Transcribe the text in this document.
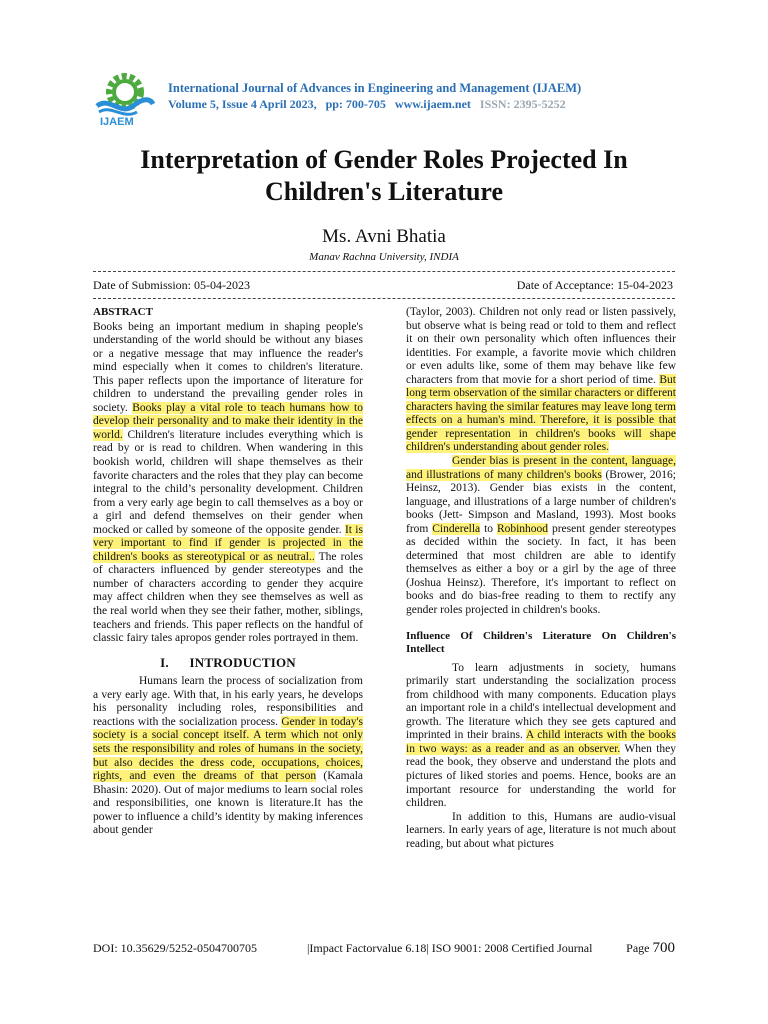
IJAEM
International Journal of Advances in Engineering and Management (IJAEM)
Volume 5, Issue 4 April 2023, pp: 700-705 www.ijaem.net ISSN: 2395-5252
Interpretation of Gender Roles Projected In
Children's Literature
Ms. Avni Bhatia
Manav Rachna University, INDIA
Date of Submission: 05-04-2023	Date of Acceptance: 15-04-2023
ABSTRACT

Books being an important medium in shaping people's understanding of the world should be without any biases or a negative message that may influence the reader's mind especially when it comes to children's literature. This paper reflects upon the importance of literature for children to understand the prevailing gender roles in society. Books play a vital role to teach humans how to develop their personality and to make their identity in the world. Children's literature includes everything which is read by or is read to children. When wandering in this bookish world, children will shape themselves as their favorite characters and the roles that they play can become integral to the child’s personality development. Children from a very early age begin to call themselves as a boy or a girl and defend themselves on their gender when mocked or called by someone of the opposite gender. It is very important to find if gender is projected in the children's books as stereotypical or as neutral.. The roles of characters influenced by gender stereotypes and the number of characters according to gender they acquire may affect children when they see themselves as well as the real world when they see their father, mother, siblings, teachers and friends. This paper reflects on the handful of classic fairy tales apropos gender roles portrayed in them.

I.      INTRODUCTION

Humans learn the process of socialization from a very early age. With that, in his early years, he develops his personality including roles, responsibilities and reactions with the socialization process. Gender in today's society is a social concept itself. A term which not only sets the responsibility and roles of humans in the society, but also decides the dress code, occupations, choices, rights, and even the dreams of that person (Kamala Bhasin: 2020). Out of major mediums to learn social roles and responsibilities, one known is literature.It has the power to influence a child’s identity by making inferences about gender

(Taylor, 2003). Children not only read or listen passively, but observe what is being read or told to them and reflect it on their own personality which often influences their identities. For example, a favorite movie which children or even adults like, some of them may behave like few characters from that movie for a short period of time. But long term observation of the similar characters or different characters having the similar features may leave long term effects on a human's mind. Therefore, it is possible that gender representation in children's books will shape children's understanding about gender roles.

Gender bias is present in the content, language, and illustrations of many children's books (Brower, 2016; Heinsz, 2013). Gender bias exists in the content, language, and illustrations of a large number of children's books (Jett- Simpson and Masland, 1993). Most books from Cinderella to Robinhood present gender stereotypes as decided within the society. In fact, it has been determined that most children are able to identify themselves as either a boy or a girl by the age of three (Joshua Heinsz). Therefore, it's important to reflect on books and do bias-free reading to them to rectify any gender roles projected in children's books.

Influence Of Children's Literature On Children's Intellect

To learn adjustments in society, humans primarily start understanding the socialization process from childhood with many components. Education plays an important role in a child's intellectual development and growth. The literature which they see gets captured and imprinted in their brains. A child interacts with the books in two ways: as a reader and as an observer. When they read the book, they observe and understand the plots and pictures of liked stories and poems. Hence, books are an important resource for understanding the world for children.

In addition to this, Humans are audio-visual learners. In early years of age, literature is not much about reading, but about what pictures

DOI: 10.35629/5252-0504700705	|Impact Factorvalue 6.18| ISO 9001: 2008 Certified Journal	Page 700
